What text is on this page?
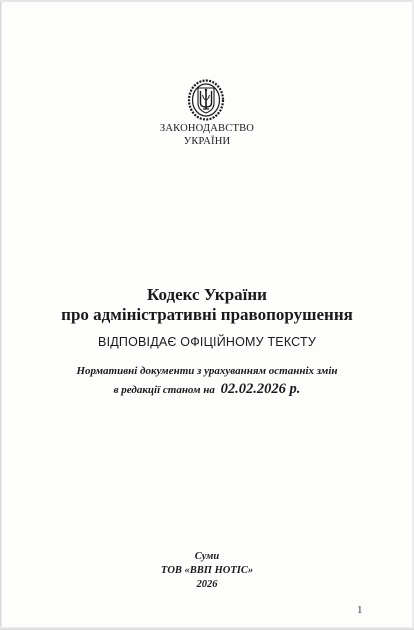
ЗАКОНОДАВСТВО
УКРАЇНИ
Кодекс України
про адміністративні правопорушення
ВІДПОВІДАЄ ОФІЦІЙНОМУ ТЕКСТУ
Нормативні документи з урахуванням останніх змін
в редакції станом на 02.02.2026 р.
Суми
ТОВ «ВВП НОТІС»
2026
1
